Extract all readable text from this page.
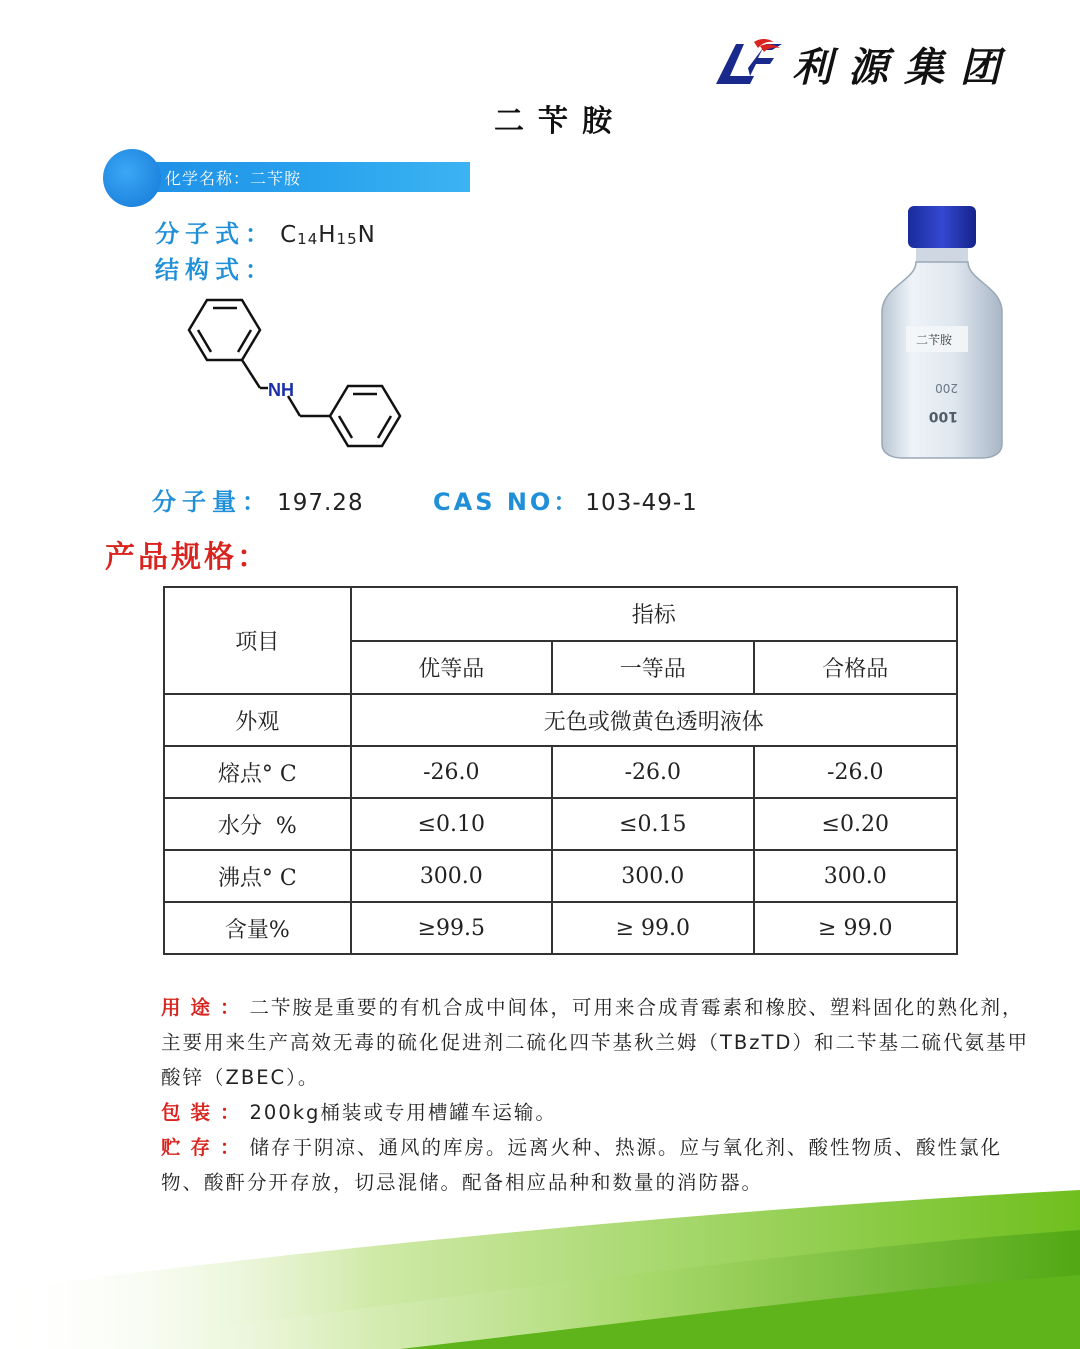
利源集团
二苄胺
化学名称：二苄胺
分子式： $C_{14}H_{15}N$
结构式：
NH
二苄胺
200
100
分子量： 197.28	CAS NO： 103-49-1
产品规格：
项目	指标		
	优等品	一等品	合格品
外观	无色或微黄色透明液体		
熔点° C	-26.0	-26.0	-26.0
水分  %	≤0.10	≤0.15	≤0.20
沸点° C	300.0	300.0	300.0
含量%	≥99.5	≥ 99.0	≥ 99.0
用途：二苄胺是重要的有机合成中间体，可用来合成青霉素和橡胶、塑料固化的熟化剂，主要用来生产高效无毒的硫化促进剂二硫化四苄基秋兰姆（TBzTD）和二苄基二硫代氨基甲酸锌（ZBEC）。
包装：200kg桶装或专用槽罐车运输。
贮存：储存于阴凉、通风的库房。远离火种、热源。应与氧化剂、酸性物质、酸性氯化物、酸酐分开存放，切忌混储。配备相应品种和数量的消防器。
